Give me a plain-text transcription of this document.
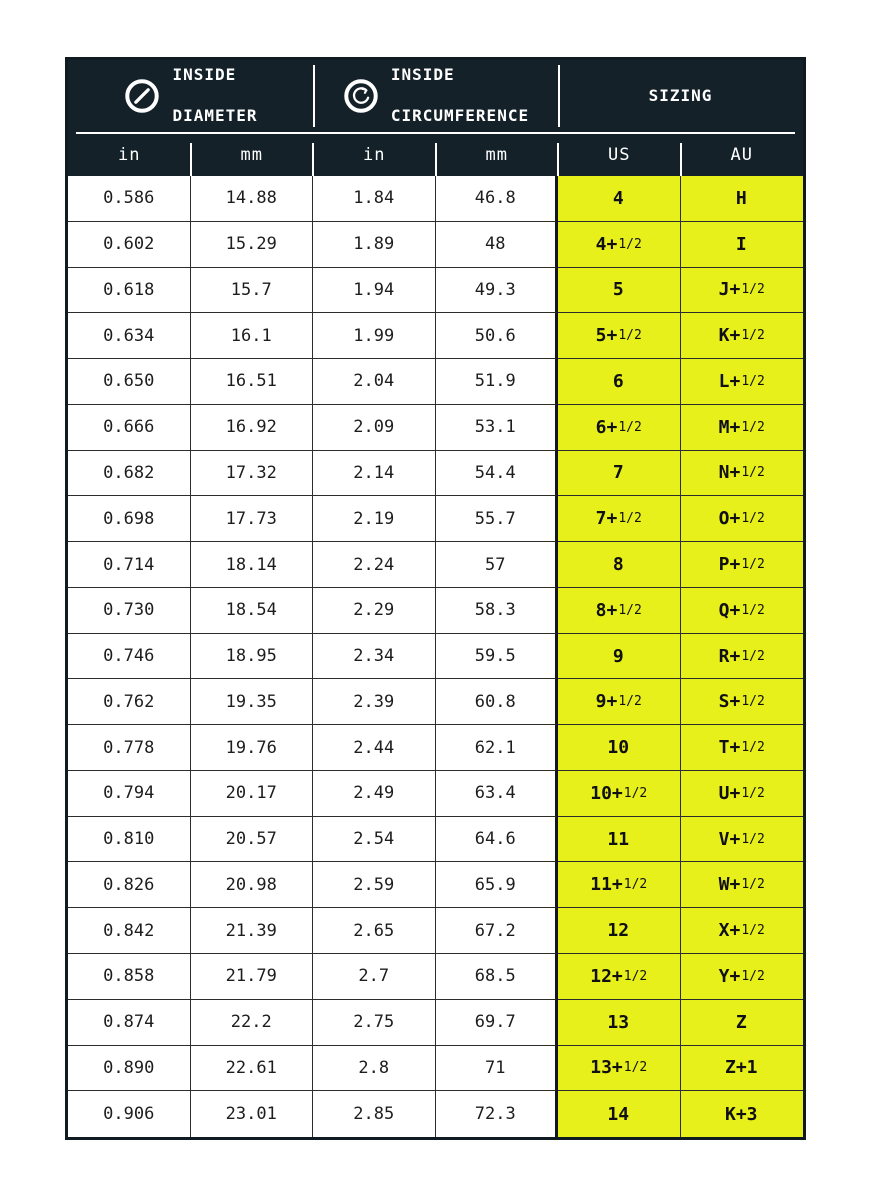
INSIDE

DIAMETER
INSIDE

CIRCUMFERENCE
SIZING
in	mm	in	mm	US	AU
0.586	14.88	1.84	46.8	4	H
0.602	15.29	1.89	48	4+ 1/2	I
0.618	15.7	1.94	49.3	5	J+ 1/2
0.634	16.1	1.99	50.6	5+ 1/2	K+ 1/2
0.650	16.51	2.04	51.9	6	L+ 1/2
0.666	16.92	2.09	53.1	6+ 1/2	M+ 1/2
0.682	17.32	2.14	54.4	7	N+ 1/2
0.698	17.73	2.19	55.7	7+ 1/2	O+ 1/2
0.714	18.14	2.24	57	8	P+ 1/2
0.730	18.54	2.29	58.3	8+ 1/2	Q+ 1/2
0.746	18.95	2.34	59.5	9	R+ 1/2
0.762	19.35	2.39	60.8	9+ 1/2	S+ 1/2
0.778	19.76	2.44	62.1	10	T+ 1/2
0.794	20.17	2.49	63.4	10+ 1/2	U+ 1/2
0.810	20.57	2.54	64.6	11	V+ 1/2
0.826	20.98	2.59	65.9	11+ 1/2	W+ 1/2
0.842	21.39	2.65	67.2	12	X+ 1/2
0.858	21.79	2.7	68.5	12+ 1/2	Y+ 1/2
0.874	22.2	2.75	69.7	13	Z
0.890	22.61	2.8	71	13+ 1/2	Z+1
0.906	23.01	2.85	72.3	14	K+3
